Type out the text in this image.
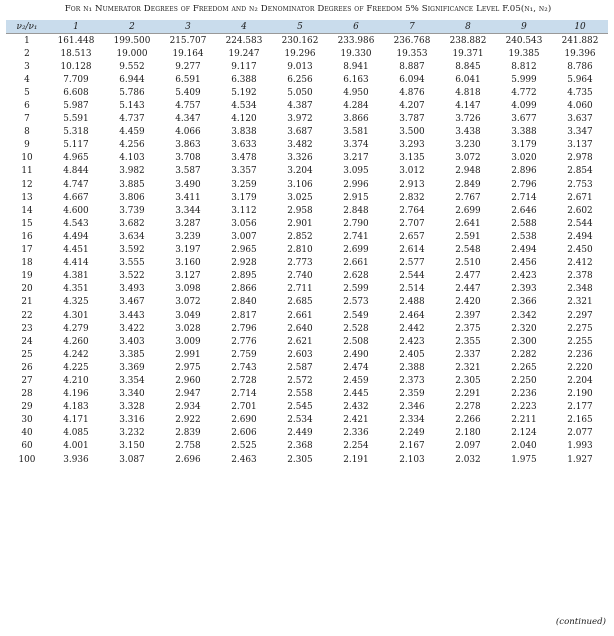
For ν₁ Numerator Degrees of Freedom and ν₂ Denominator Degrees of Freedom 5% Significance Level F.05(ν₁, ν₂)
ν₂/ν₁	1	2	3	4	5	6	7	8	9	10
1	161.448	199.500	215.707	224.583	230.162	233.986	236.768	238.882	240.543	241.882
2	18.513	19.000	19.164	19.247	19.296	19.330	19.353	19.371	19.385	19.396
3	10.128	9.552	9.277	9.117	9.013	8.941	8.887	8.845	8.812	8.786
4	7.709	6.944	6.591	6.388	6.256	6.163	6.094	6.041	5.999	5.964
5	6.608	5.786	5.409	5.192	5.050	4.950	4.876	4.818	4.772	4.735
6	5.987	5.143	4.757	4.534	4.387	4.284	4.207	4.147	4.099	4.060
7	5.591	4.737	4.347	4.120	3.972	3.866	3.787	3.726	3.677	3.637
8	5.318	4.459	4.066	3.838	3.687	3.581	3.500	3.438	3.388	3.347
9	5.117	4.256	3.863	3.633	3.482	3.374	3.293	3.230	3.179	3.137
10	4.965	4.103	3.708	3.478	3.326	3.217	3.135	3.072	3.020	2.978
11	4.844	3.982	3.587	3.357	3.204	3.095	3.012	2.948	2.896	2.854
12	4.747	3.885	3.490	3.259	3.106	2.996	2.913	2.849	2.796	2.753
13	4.667	3.806	3.411	3.179	3.025	2.915	2.832	2.767	2.714	2.671
14	4.600	3.739	3.344	3.112	2.958	2.848	2.764	2.699	2.646	2.602
15	4.543	3.682	3.287	3.056	2.901	2.790	2.707	2.641	2.588	2.544
16	4.494	3.634	3.239	3.007	2.852	2.741	2.657	2.591	2.538	2.494
17	4.451	3.592	3.197	2.965	2.810	2.699	2.614	2.548	2.494	2.450
18	4.414	3.555	3.160	2.928	2.773	2.661	2.577	2.510	2.456	2.412
19	4.381	3.522	3.127	2.895	2.740	2.628	2.544	2.477	2.423	2.378
20	4.351	3.493	3.098	2.866	2.711	2.599	2.514	2.447	2.393	2.348
21	4.325	3.467	3.072	2.840	2.685	2.573	2.488	2.420	2.366	2.321
22	4.301	3.443	3.049	2.817	2.661	2.549	2.464	2.397	2.342	2.297
23	4.279	3.422	3.028	2.796	2.640	2.528	2.442	2.375	2.320	2.275
24	4.260	3.403	3.009	2.776	2.621	2.508	2.423	2.355	2.300	2.255
25	4.242	3.385	2.991	2.759	2.603	2.490	2.405	2.337	2.282	2.236
26	4.225	3.369	2.975	2.743	2.587	2.474	2.388	2.321	2.265	2.220
27	4.210	3.354	2.960	2.728	2.572	2.459	2.373	2.305	2.250	2.204
28	4.196	3.340	2.947	2.714	2.558	2.445	2.359	2.291	2.236	2.190
29	4.183	3.328	2.934	2.701	2.545	2.432	2.346	2.278	2.223	2.177
30	4.171	3.316	2.922	2.690	2.534	2.421	2.334	2.266	2.211	2.165
40	4.085	3.232	2.839	2.606	2.449	2.336	2.249	2.180	2.124	2.077
60	4.001	3.150	2.758	2.525	2.368	2.254	2.167	2.097	2.040	1.993
100	3.936	3.087	2.696	2.463	2.305	2.191	2.103	2.032	1.975	1.927
(continued)
